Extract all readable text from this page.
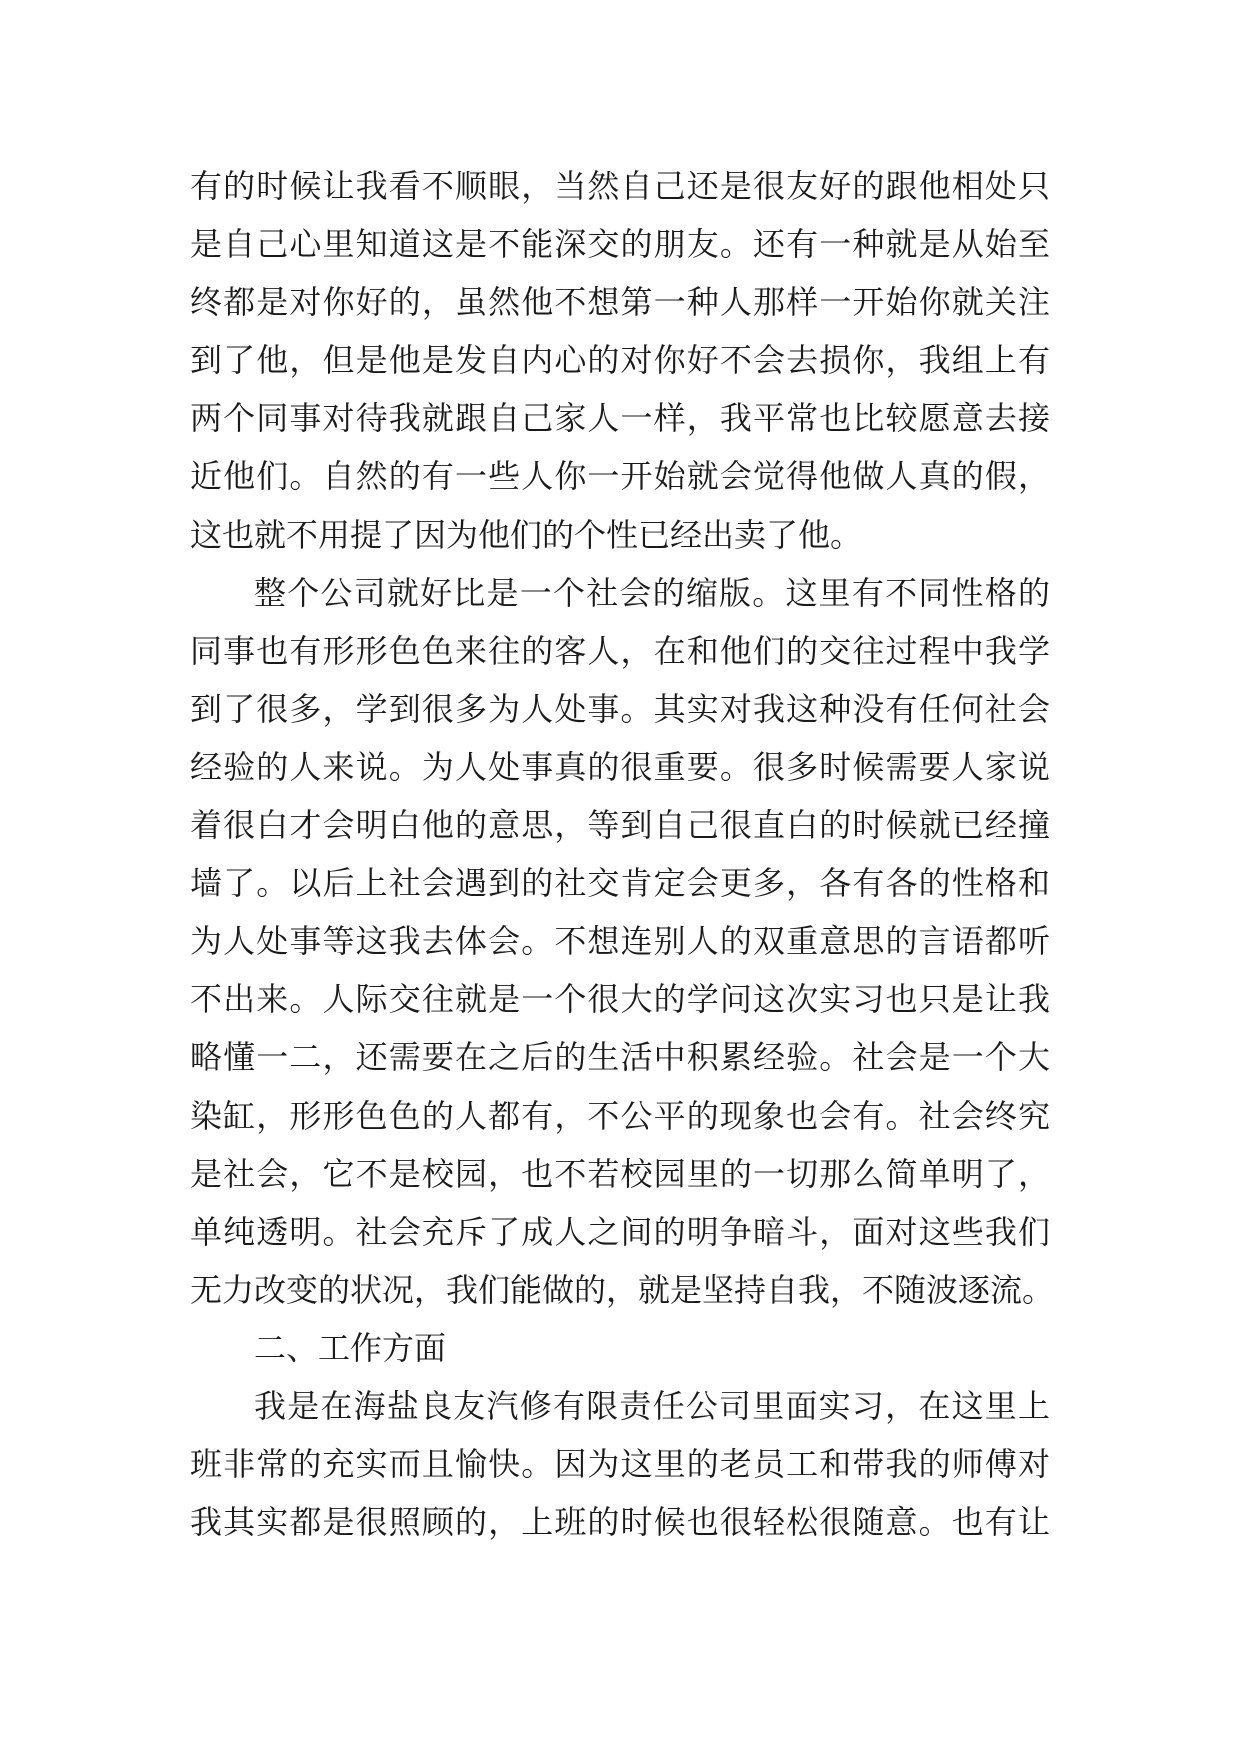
有的时候让我看不顺眼，当然自己还是很友好的跟他相处只
是自己心里知道这是不能深交的朋友。还有一种就是从始至
终都是对你好的，虽然他不想第一种人那样一开始你就关注
到了他，但是他是发自内心的对你好不会去损你，我组上有
两个同事对待我就跟自己家人一样，我平常也比较愿意去接
近他们。自然的有一些人你一开始就会觉得他做人真的假，
这也就不用提了因为他们的个性已经出卖了他。
整个公司就好比是一个社会的缩版。这里有不同性格的
同事也有形形色色来往的客人，在和他们的交往过程中我学
到了很多，学到很多为人处事。其实对我这种没有任何社会
经验的人来说。为人处事真的很重要。很多时候需要人家说
着很白才会明白他的意思，等到自己很直白的时候就已经撞
墙了。以后上社会遇到的社交肯定会更多，各有各的性格和
为人处事等这我去体会。不想连别人的双重意思的言语都听
不出来。人际交往就是一个很大的学问这次实习也只是让我
略懂一二，还需要在之后的生活中积累经验。社会是一个大
染缸，形形色色的人都有，不公平的现象也会有。社会终究
是社会，它不是校园，也不若校园里的一切那么简单明了，
单纯透明。社会充斥了成人之间的明争暗斗，面对这些我们
无力改变的状况，我们能做的，就是坚持自我，不随波逐流。
二、工作方面
我是在海盐良友汽修有限责任公司里面实习，在这里上
班非常的充实而且愉快。因为这里的老员工和带我的师傅对
我其实都是很照顾的，上班的时候也很轻松很随意。也有让
